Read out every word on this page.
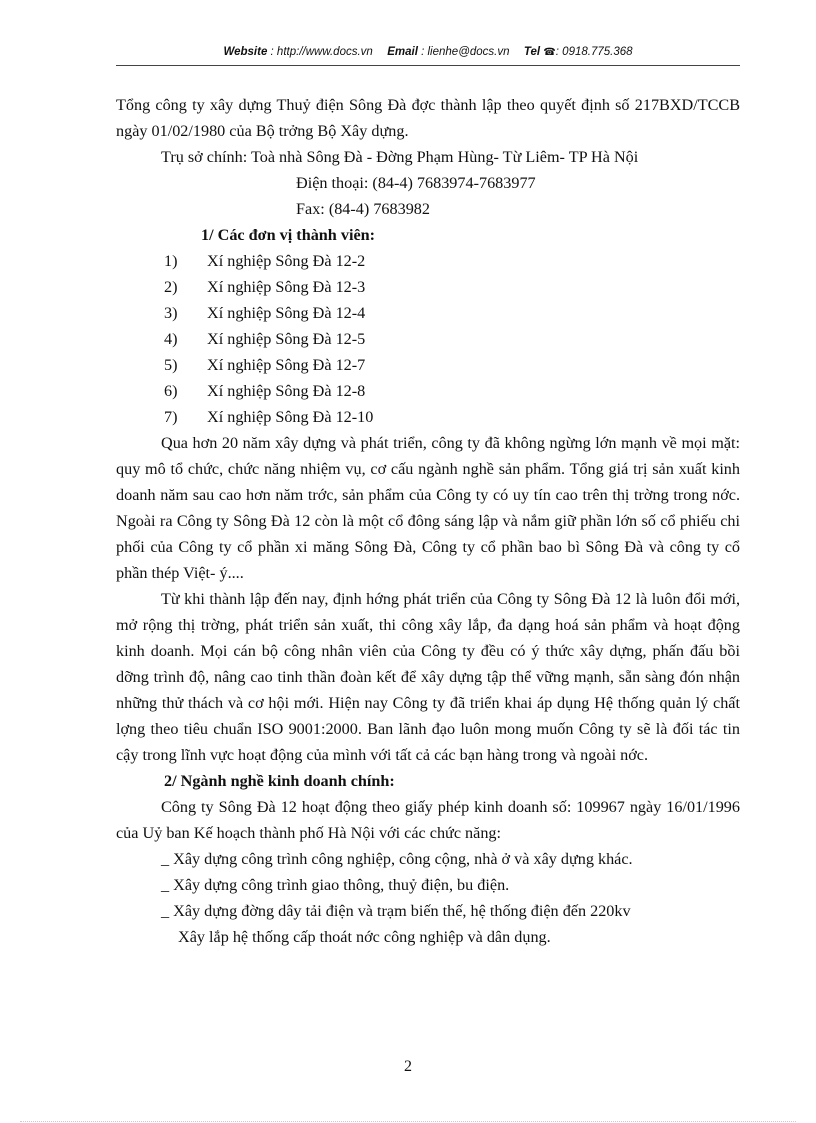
Website : http://www.docs.vn Email : lienhe@docs.vn Tel ☎: 0918.775.368

Tổng công ty xây dựng Thuỷ điện Sông Đà đợc thành lập theo quyết định số 217BXD/TCCB ngày 01/02/1980 của Bộ trởng Bộ Xây dựng.

Trụ sở chính: Toà nhà Sông Đà - Đờng Phạm Hùng- Từ Liêm- TP Hà Nội

Điện thoại: (84-4) 7683974-7683977

Fax: (84-4) 7683982

1/ Các đơn vị thành viên:

1) Xí nghiệp Sông Đà 12-2
2) Xí nghiệp Sông Đà 12-3
3) Xí nghiệp Sông Đà 12-4
4) Xí nghiệp Sông Đà 12-5
5) Xí nghiệp Sông Đà 12-7
6) Xí nghiệp Sông Đà 12-8
7) Xí nghiệp Sông Đà 12-10

Qua hơn 20 năm xây dựng và phát triển, công ty đã không ngừng lớn mạnh về mọi mặt: quy mô tổ chức, chức năng nhiệm vụ, cơ cấu ngành nghề sản phẩm. Tổng giá trị sản xuất kinh doanh năm sau cao hơn năm trớc, sản phẩm của Công ty có uy tín cao trên thị trờng trong nớc. Ngoài ra Công ty Sông Đà 12 còn là một cổ đông sáng lập và nắm giữ phần lớn số cổ phiếu chi phối của Công ty cổ phần xi măng Sông Đà, Công ty cổ phần bao bì Sông Đà và công ty cổ phần thép Việt- ý....

Từ khi thành lập đến nay, định hớng phát triển của Công ty Sông Đà 12 là luôn đổi mới, mở rộng thị trờng, phát triển sản xuất, thi công xây lắp, đa dạng hoá sản phẩm và hoạt động kinh doanh. Mọi cán bộ công nhân viên của Công ty đều có ý thức xây dựng, phấn đấu bồi dỡng trình độ, nâng cao tinh thần đoàn kết để xây dựng tập thể vững mạnh, sẵn sàng đón nhận những thử thách và cơ hội mới. Hiện nay Công ty đã triển khai áp dụng Hệ thống quản lý chất lợng theo tiêu chuẩn ISO 9001:2000. Ban lãnh đạo luôn mong muốn Công ty sẽ là đối tác tin cậy trong lĩnh vực hoạt động của mình với tất cả các bạn hàng trong và ngoài nớc.

2/ Ngành nghề kinh doanh chính:

Công ty Sông Đà 12 hoạt động theo giấy phép kinh doanh số: 109967 ngày 16/01/1996 của Uỷ ban Kế hoạch thành phố Hà Nội với các chức năng:

_ Xây dựng công trình công nghiệp, công cộng, nhà ở và xây dựng khác.

_ Xây dựng công trình giao thông, thuỷ điện, bu điện.

_ Xây dựng đờng dây tải điện và trạm biến thế, hệ thống điện đến 220kv

Xây lắp hệ thống cấp thoát nớc công nghiệp và dân dụng.

2
